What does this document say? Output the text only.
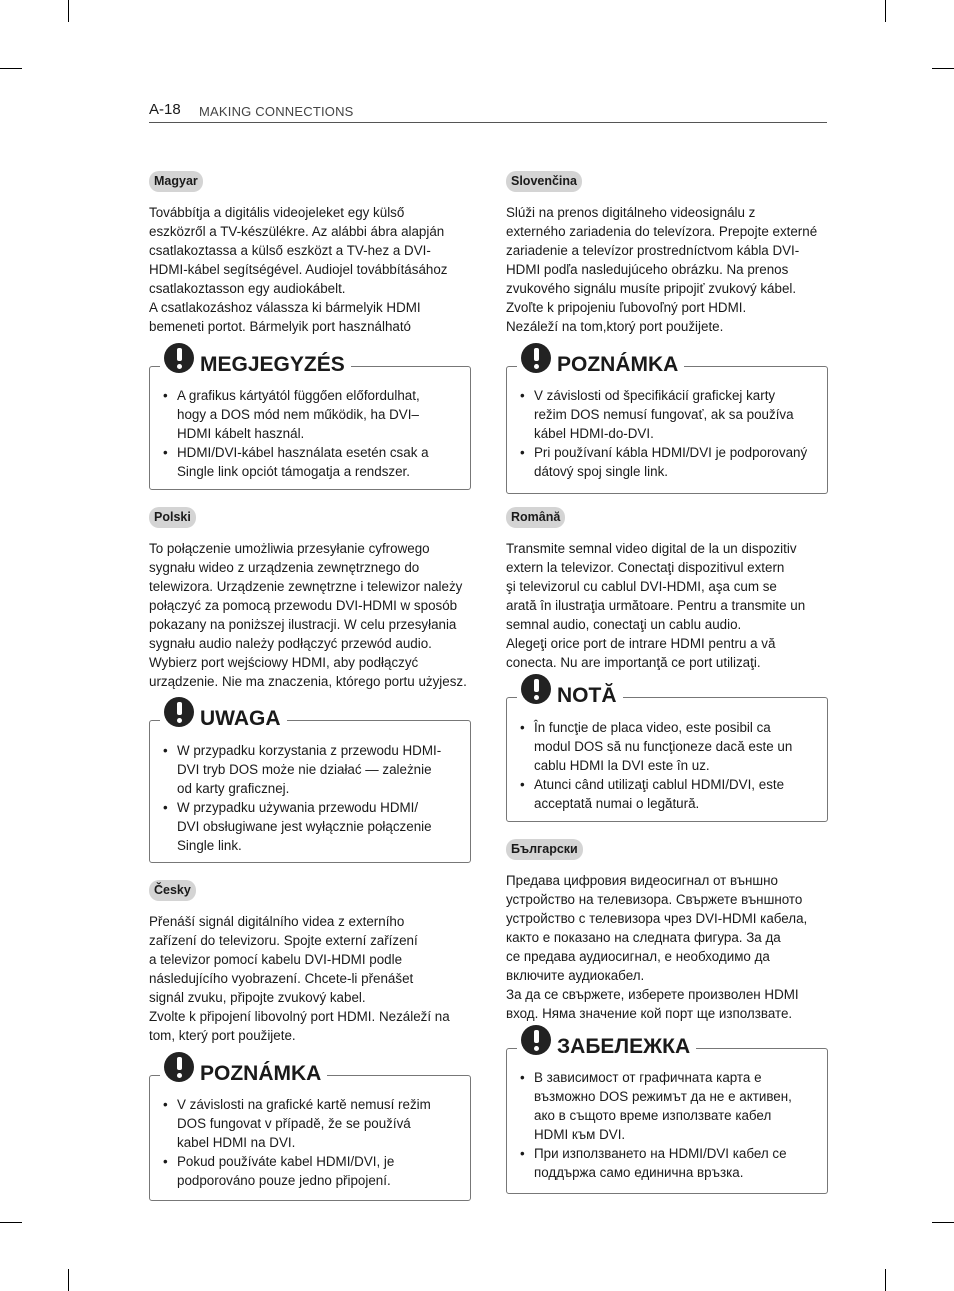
A-18 MAKING CONNECTIONS
Magyar

Továbbítja a digitális videojeleket egy külső
eszközről a TV-készülékre. Az alábbi ábra alapján
csatlakoztassa a külső eszközt a TV-hez a DVI-
HDMI-kábel segítségével. Audiojel továbbításához
csatlakoztasson egy audiokábelt.
A csatlakozáshoz válassza ki bármelyik HDMI
bemeneti portot. Bármelyik port használható

MEGJEGYZÉS
• A grafikus kártyától függően előfordulhat,
hogy a DOS mód nem működik, ha DVI–
HDMI kábelt használ.
• HDMI/DVI-kábel használata esetén csak a
Single link opciót támogatja a rendszer.
Polski

To połączenie umożliwia przesyłanie cyfrowego
sygnału wideo z urządzenia zewnętrznego do
telewizora. Urządzenie zewnętrzne i telewizor należy
połączyć za pomocą przewodu DVI-HDMI w sposób
pokazany na poniższej ilustracji. W celu przesyłania
sygnału audio należy podłączyć przewód audio.
Wybierz port wejściowy HDMI, aby podłączyć
urządzenie. Nie ma znaczenia, którego portu użyjesz.

UWAGA
• W przypadku korzystania z przewodu HDMI-
DVI tryb DOS może nie działać — zależnie
od karty graficznej.
• W przypadku używania przewodu HDMI/
DVI obsługiwane jest wyłącznie połączenie
Single link.
Česky

Přenáší signál digitálního videa z externího
zařízení do televizoru. Spojte externí zařízení
a televizor pomocí kabelu DVI-HDMI podle
následujícího vyobrazení. Chcete-li přenášet
signál zvuku, připojte zvukový kabel.
Zvolte k připojení libovolný port HDMI. Nezáleží na
tom, který port použijete.

POZNÁMKA
• V závislosti na grafické kartě nemusí režim
DOS fungovat v případě, že se používá
kabel HDMI na DVI.
• Pokud používáte kabel HDMI/DVI, je
podporováno pouze jedno připojení.
Slovenčina

Slúži na prenos digitálneho videosignálu z
externého zariadenia do televízora. Prepojte externé
zariadenie a televízor prostredníctvom kábla DVI-
HDMI podľa nasledujúceho obrázku. Na prenos
zvukového signálu musíte pripojiť zvukový kábel.
Zvoľte k pripojeniu ľubovoľný port HDMI.
Nezáleží na tom,ktorý port použijete.

POZNÁMKA
• V závislosti od špecifikácií grafickej karty
režim DOS nemusí fungovať, ak sa používa
kábel HDMI-do-DVI.
• Pri používaní kábla HDMI/DVI je podporovaný
dátový spoj single link.
Română

Transmite semnal video digital de la un dispozitiv
extern la televizor. Conectaţi dispozitivul extern
şi televizorul cu cablul DVI-HDMI, aşa cum se
arată în ilustraţia următoare. Pentru a transmite un
semnal audio, conectaţi un cablu audio.
Alegeţi orice port de intrare HDMI pentru a vă
conecta. Nu are importanţă ce port utilizaţi.

NOTĂ
• În funcţie de placa video, este posibil ca
modul DOS să nu funcţioneze dacă este un
cablu HDMI la DVI este în uz.
• Atunci când utilizaţi cablul HDMI/DVI, este
acceptată numai o legătură.
Български

Предава цифровия видеосигнал от външно
устройство на телевизора. Свържете външното
устройство с телевизора чрез DVI-HDMI кабела,
както е показано на следната фигура. За да
се предава аудиосигнал, е необходимо да
включите аудиокабел.
За да се свържете, изберете произволен HDMI
вход. Няма значение кой порт ще използвате.

ЗАБЕЛЕЖКА
• В зависимост от графичната карта е
възможно DOS режимът да не е активен,
ако в същото време използвате кабел
HDMI към DVI.
• При използването на HDMI/DVI кабел се
поддържа само единична връзка.
